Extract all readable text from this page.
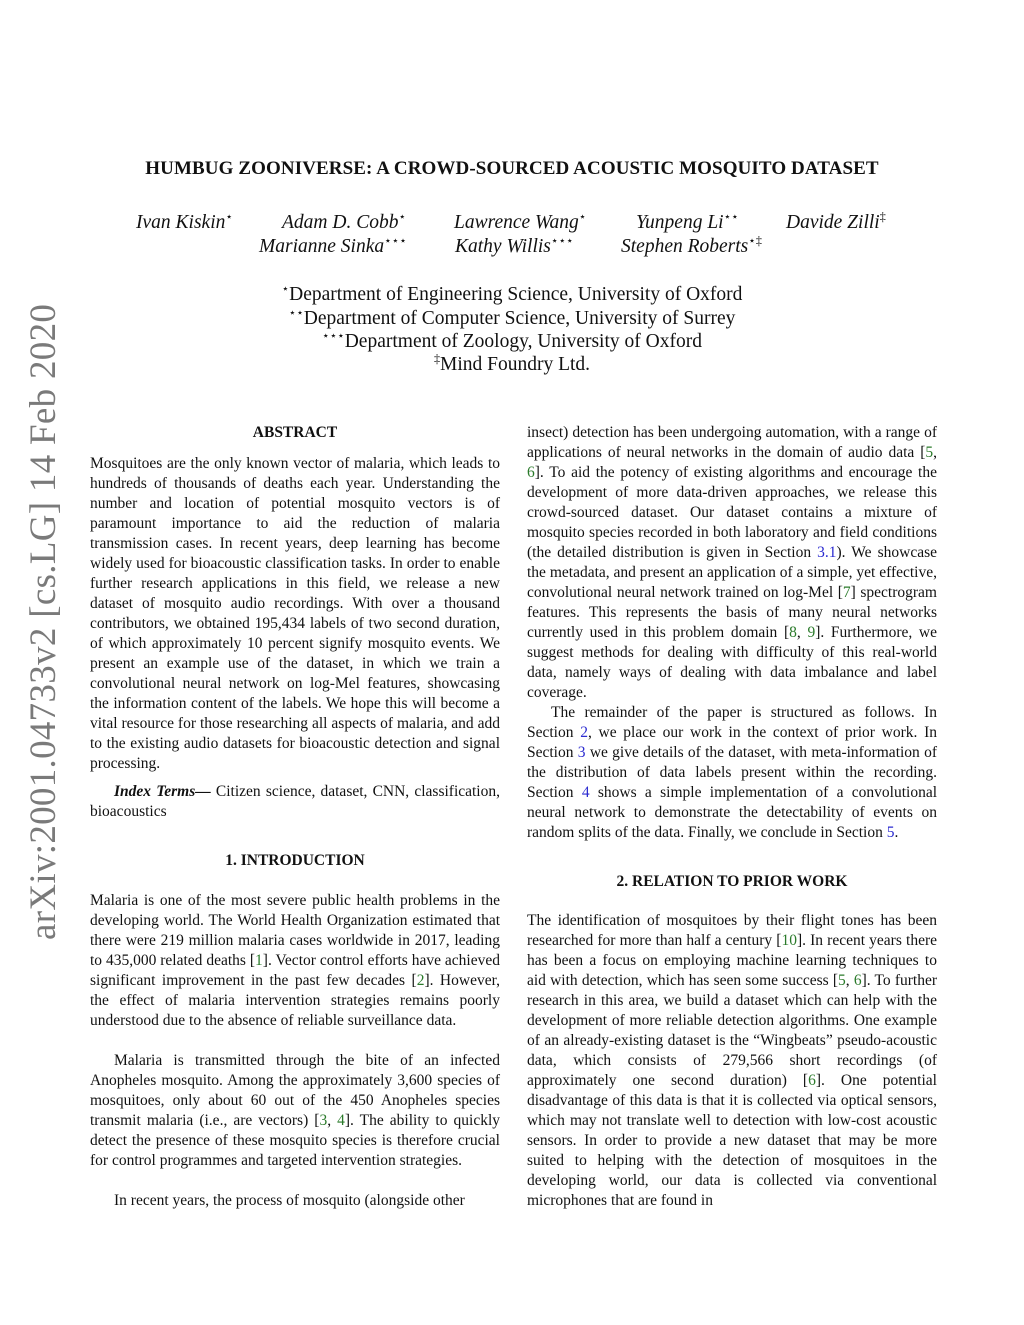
arXiv:2001.04733v2 [cs.LG] 14 Feb 2020
HUMBUG ZOONIVERSE: A CROWD-SOURCED ACOUSTIC MOSQUITO DATASET
Ivan Kiskin⋆	Adam D. Cobb⋆ Lawrence Wang⋆	Yunpeng Li⋆⋆ Davide Zilli‡
Marianne Sinka⋆⋆⋆ Kathy Willis⋆⋆⋆ Stephen Roberts⋆‡
⋆Department of Engineering Science, University of Oxford
⋆⋆Department of Computer Science, University of Surrey
⋆⋆⋆Department of Zoology, University of Oxford
‡Mind Foundry Ltd.
ABSTRACT
Mosquitoes are the only known vector of malaria, which leads to hundreds of thousands of deaths each year. Understanding the number and location of potential mosquito vectors is of paramount importance to aid the reduction of malaria transmission cases. In recent years, deep learning has become widely used for bioacoustic classification tasks. In order to enable further research applications in this field, we release a new dataset of mosquito audio recordings. With over a thousand contributors, we obtained 195,434 labels of two second duration, of which approximately 10 percent signify mosquito events. We present an example use of the dataset, in which we train a convolutional neural network on log-Mel features, showcasing the information content of the labels. We hope this will become a vital resource for those researching all aspects of malaria, and add to the existing audio datasets for bioacoustic detection and signal processing.
Index Terms— Citizen science, dataset, CNN, classification, bioacoustics
1. INTRODUCTION
Malaria is one of the most severe public health problems in the developing world. The World Health Organization estimated that there were 219 million malaria cases worldwide in 2017, leading to 435,000 related deaths [1]. Vector control efforts have achieved significant improvement in the past few decades [2]. However, the effect of malaria intervention strategies remains poorly understood due to the absence of reliable surveillance data.
Malaria is transmitted through the bite of an infected Anopheles mosquito. Among the approximately 3,600 species of mosquitoes, only about 60 out of the 450 Anopheles species transmit malaria (i.e., are vectors) [3, 4]. The ability to quickly detect the presence of these mosquito species is therefore crucial for control programmes and targeted intervention strategies.
In recent years, the process of mosquito (alongside other
insect) detection has been undergoing automation, with a range of applications of neural networks in the domain of audio data [5, 6]. To aid the potency of existing algorithms and encourage the development of more data-driven approaches, we release this crowd-sourced dataset. Our dataset contains a mixture of mosquito species recorded in both laboratory and field conditions (the detailed distribution is given in Section 3.1). We showcase the metadata, and present an application of a simple, yet effective, convolutional neural network trained on log-Mel [7] spectrogram features. This represents the basis of many neural networks currently used in this problem domain [8, 9]. Furthermore, we suggest methods for dealing with difficulty of this real-world data, namely ways of dealing with data imbalance and label coverage.
The remainder of the paper is structured as follows. In Section 2, we place our work in the context of prior work. In Section 3 we give details of the dataset, with meta-information of the distribution of data labels present within the recording. Section 4 shows a simple implementation of a convolutional neural network to demonstrate the detectability of events on random splits of the data. Finally, we conclude in Section 5.
2. RELATION TO PRIOR WORK
The identification of mosquitoes by their flight tones has been researched for more than half a century [10]. In recent years there has been a focus on employing machine learning techniques to aid with detection, which has seen some success [5, 6]. To further research in this area, we build a dataset which can help with the development of more reliable detection algorithms. One example of an already-existing dataset is the “Wingbeats” pseudo-acoustic data, which consists of 279,566 short recordings (of approximately one second duration) [6]. One potential disadvantage of this data is that it is collected via optical sensors, which may not translate well to detection with low-cost acoustic sensors. In order to provide a new dataset that may be more suited to helping with the detection of mosquitoes in the developing world, our data is collected via conventional microphones that are found in
